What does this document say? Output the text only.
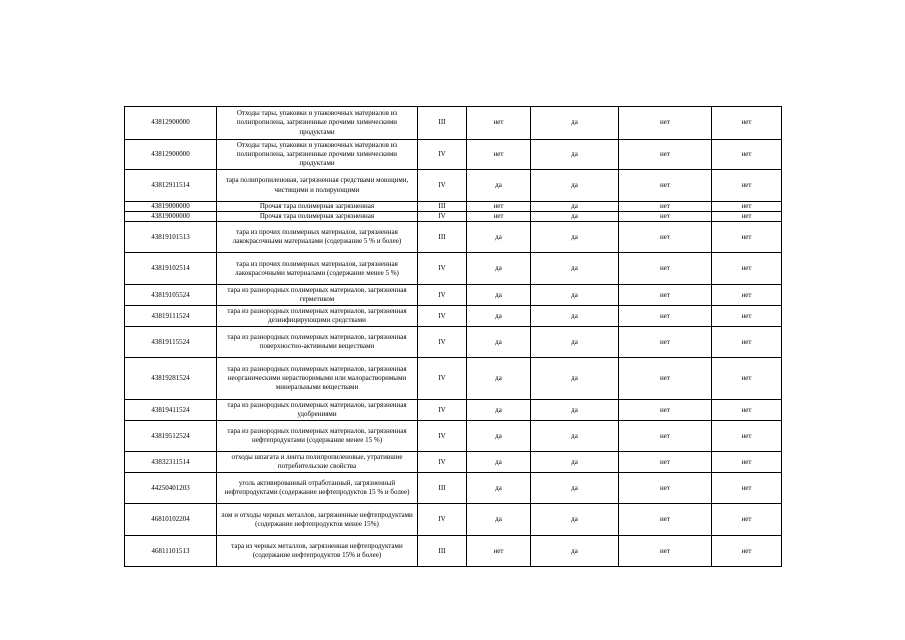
43812900000	Отходы тары, упаковки и упаковочных материалов из полипропилена, загрязненные прочими химическими продуктами	III	нет	да	нет	нет
43812900000	Отходы тары, упаковки и упаковочных материалов из полипропилена, загрязненные прочими химическими продуктами	IV	нет	да	нет	нет
43812911514	тара полипропиленовая, загрязненная средствами моющими, чистящими и полирующими	IV	да	да	нет	нет
43819000000	Прочая тара полимерная загрязненная	III	нет	да	нет	нет
43819000000	Прочая тара полимерная загрязненная	IV	нет	да	нет	нет
43819101513	тара из прочих полимерных материалов, загрязненная лакокрасочными материалами (содержание 5 % и более)	III	да	да	нет	нет
43819102514	тара из прочих полимерных материалов, загрязненная лакокрасочными материалами (содержание менее 5 %)	IV	да	да	нет	нет
43819105524	тара из разнородных полимерных материалов, загрязненная герметиком	IV	да	да	нет	нет
43819111524	тара из разнородных полимерных материалов, загрязненная дезинфицирующими средствами	IV	да	да	нет	нет
43819115524	тара из разнородных полимерных материалов, загрязненная поверхностно-активными веществами	IV	да	да	нет	нет
43819281524	тара из разнородных полимерных материалов, загрязненная неорганическими нерастворимыми или малорастворимыми минеральными веществами	IV	да	да	нет	нет
43819411524	тара из разнородных полимерных материалов, загрязненная удобрениями	IV	да	да	нет	нет
43819512524	тара из разнородных полимерных материалов, загрязненная нефтепродуктами (содержание менее 15 %)	IV	да	да	нет	нет
43832311514	отходы шпагата и ленты полипропиленовые, утратившие потребительские свойства	IV	да	да	нет	нет
44250401203	уголь активированный отработанный, загрязненный нефтепродуктами (содержание нефтепродуктов 15 % и более)	III	да	да	нет	нет
46810102204	лом и отходы черных металлов, загрязненные нефтепродуктами (содержание нефтепродуктов менее 15%)	IV	да	да	нет	нет
46811101513	тара из черных металлов, загрязненная нефтепродуктами (содержание нефтепродуктов 15% и более)	III	нет	да	нет	нет
